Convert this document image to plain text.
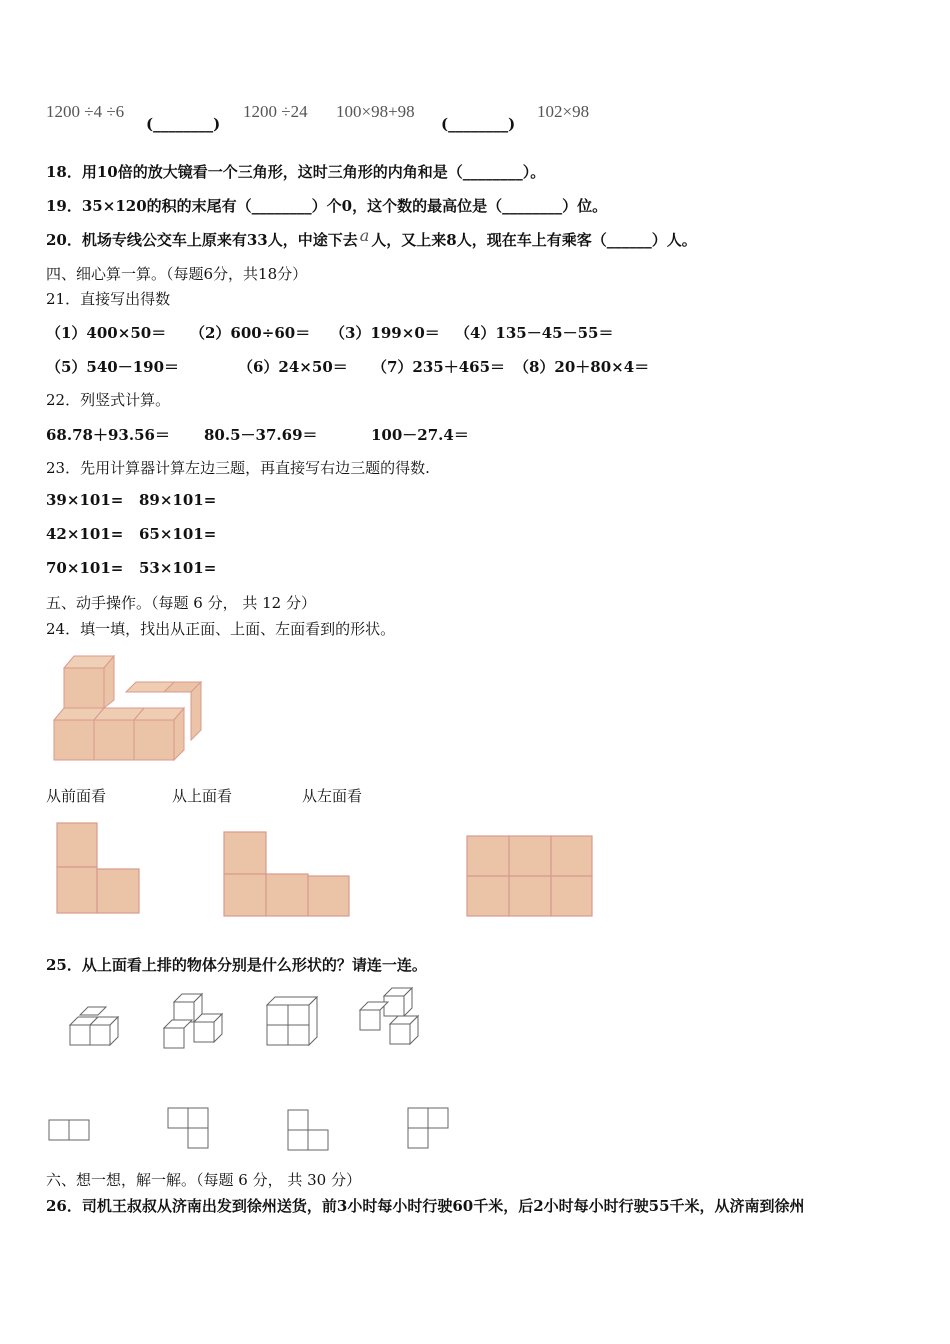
1200 ÷4 ÷6
(________)
1200 ÷24 100×98+98
(________)
102×98
18．用10倍的放大镜看一个三角形，这时三角形的内角和是（________）。
19．35×120的积的末尾有（________）个0，这个数的最高位是（________）位。
20．机场专线公交车上原来有33人，中途下去 a 人，又上来8人，现在车上有乘客（______）人。
四、细心算一算。（每题6分，共18分）
21．直接写出得数
（1）400×50＝ （2）600÷60＝ （3）199×0＝ （4）135－45－55＝
（5）540－190＝	（6）24×50＝ （7）235＋465＝ （8）20＋80×4＝
22．列竖式计算。
68.78＋93.56＝ 80.5－37.69＝	100－27.4＝
23．先用计算器计算左边三题，再直接写右边三题的得数.
39×101=   89×101=
42×101=   65×101=
70×101=   53×101=
五、动手操作。（每题 6 分， 共 12 分）
24．填一填，找出从正面、上面、左面看到的形状。
从前面看	从上面看	从左面看
25．从上面看上排的物体分别是什么形状的？请连一连。
六、想一想，解一解。（每题 6 分， 共 30 分）
26．司机王叔叔从济南出发到徐州送货，前3小时每小时行驶60千米，后2小时每小时行驶55千米，从济南到徐州
